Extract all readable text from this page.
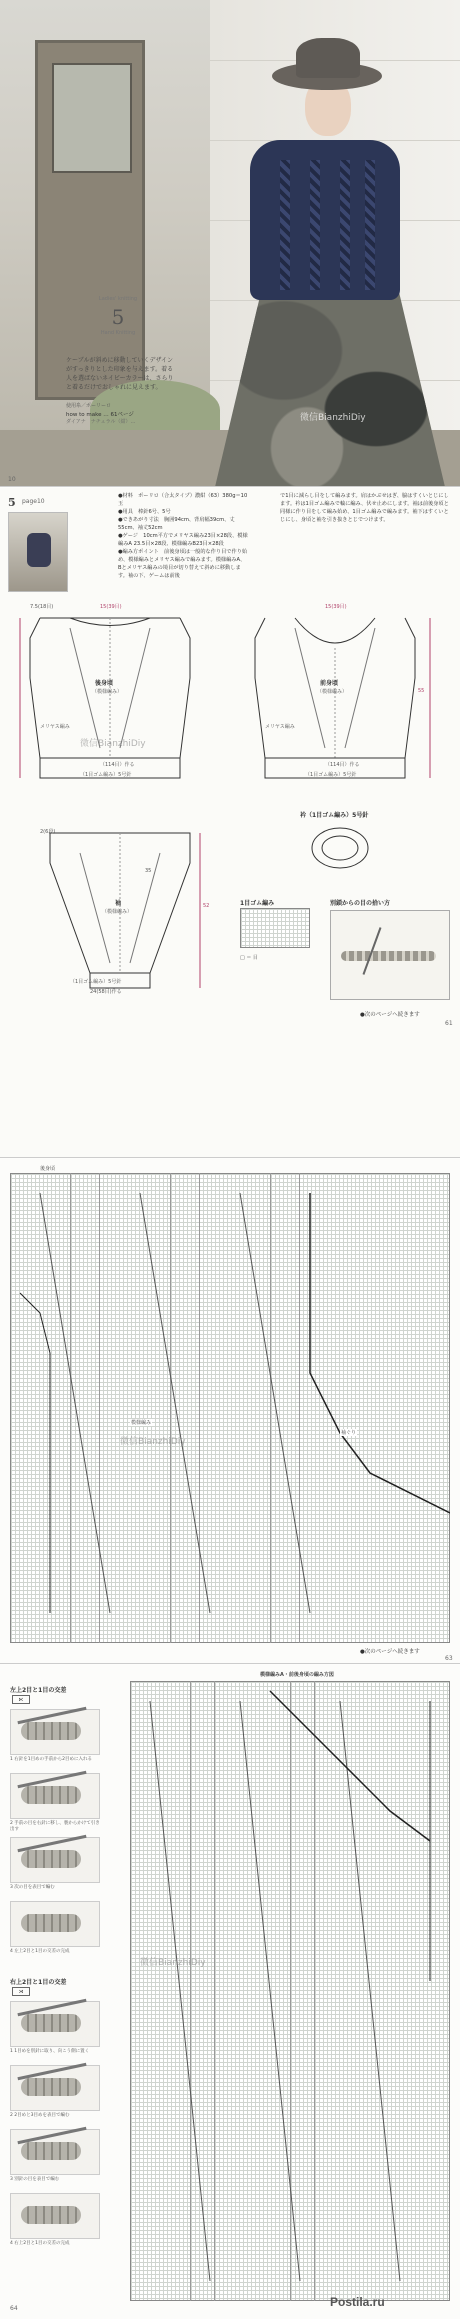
Ladies' knitting
5
Hand Knitting
ケーブルが斜めに移動していくデザインがすっきりとした印象を与えます。着る人を選ばないネイビーカラーは、さらりと着るだけでおしゃれに見えます。
使用糸／ポーリーロ
how to make … 61ページ
ダイアナ　ナチュラル（紺）…	微信BianzhiDiy
10
5 page10
●材料　ポーリロ（合太タイプ）濃紺（63）380g＝10玉
●用具　棒針6号、5号
●できあがり寸法　胸囲94cm、背肩幅39cm、丈55cm、袖丈52cm
●ゲージ　10cm平方でメリヤス編み23目×28段、模様編みA 23.5目×28段、模様編みB23目×28段
●編み方ポイント　前後身頃は一般的な作り目で作り始め、模様編みとメリヤス編みで編みます。模様編みA、Bとメリヤス編みの境目が切り替えて斜めに移動します。袖の下、ゲームは前後
で1目に減らし目をして編みます。肩はかぶせはぎ、脇はすくいとじにします。衿は1目ゴム編みで輪に編み、伏せ止めにします。袖は前後身頃と同様に作り目をして編み始め、1目ゴム編みで編みます。袖下はすくいとじにし、身頃と袖を引き抜きとじでつけます。
後身頃
（模様編み）
15(39目)
7.5(18目)
メリヤス編み
（114目）作る
（1目ゴム編み）5号針
微信BianzhiDiy
前身頃
（模様編み）
15(39目)
メリヤス編み
（114目）作る
（1目ゴム編み）5号針
55
袖
（模様編み）
24(58目)作る
（1目ゴム編み）5号針
52
35
2(6段)
衿（1目ゴム編み）5号針
1目ゴム編み
□ ＝ 目
別鎖からの目の拾い方
●次のページへ続きます
61
後身頃
袖ぐり
模様編み
微信BianzhiDiy
●次のページへ続きます
63
左上2目と1目の交差
⋉
1 右針を1目めの手前から2目めに入れる
2 手前の目を右針に移し、裏からかけて引き出す
3 次の目を表目で編む
4 左上2目と1目の交差の完成
右上2目と1目の交差
⋊
1 1目めを別針に取り、向こう側に置く
2 2目めと3目めを表目で編む
3 別針の目を表目で編む
4 右上2目と1目の交差の完成
64
模様編みA・前後身頃の編み方図
微信BianzhiDiy
Postila.ru
